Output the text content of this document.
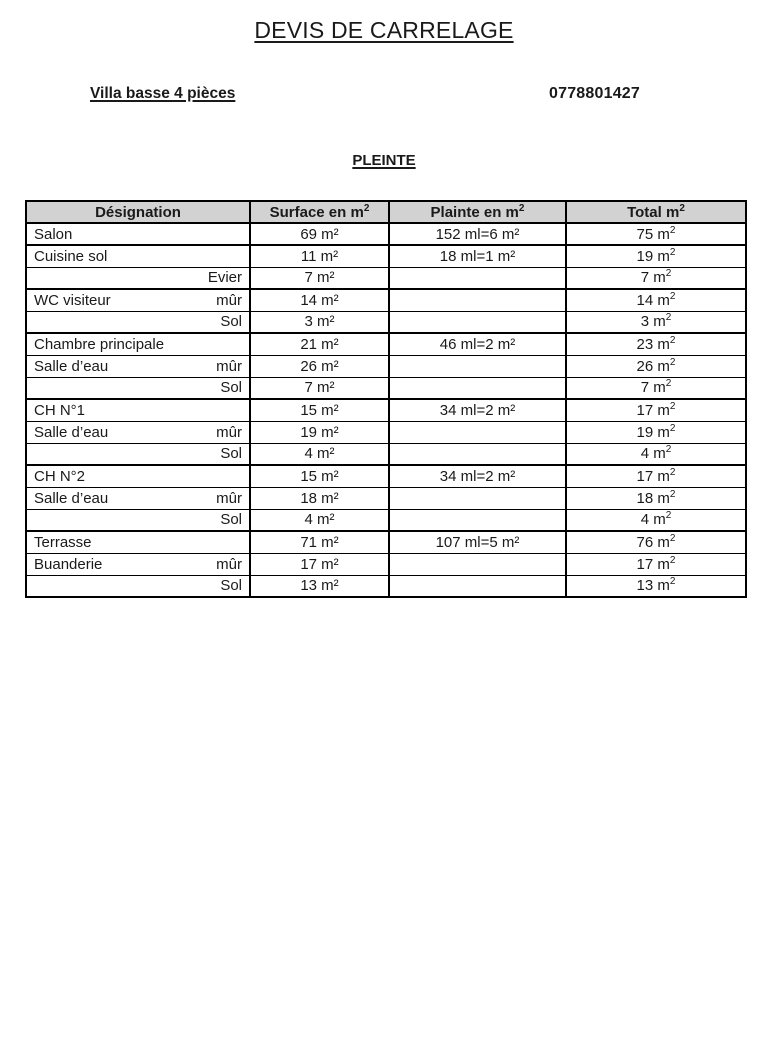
DEVIS DE CARRELAGE
Villa basse 4 pièces	0778801427
PLEINTE
Désignation	Surface en $m^2$	Plainte en $m^2$	Total $m^2$

Salon	69 m²	152 ml=6 m²	75 $m^2$

Cuisine sol	11 m²	18 ml=1 m²	19 $m^2$

Evier	7 m²		7 $m^2$

WC visiteur mûr	14 m²		14 $m^2$

Sol	3 m²		3 $m^2$

Chambre principale	21 m²	46 ml=2 m²	23 $m^2$

Salle d’eau mûr	26 m²		26 $m^2$

Sol	7 m²		7 $m^2$

CH N°1	15 m²	34 ml=2 m²	17 $m^2$

Salle d’eau mûr	19 m²		19 $m^2$

Sol	4 m²		4 $m^2$

CH N°2	15 m²	34 ml=2 m²	17 $m^2$

Salle d’eau mûr	18 m²		18 $m^2$

Sol	4 m²		4 $m^2$

Terrasse	71 m²	107 ml=5 m²	76 $m^2$

Buanderie mûr	17 m²		17 $m^2$

Sol	13 m²		13 $m^2$
